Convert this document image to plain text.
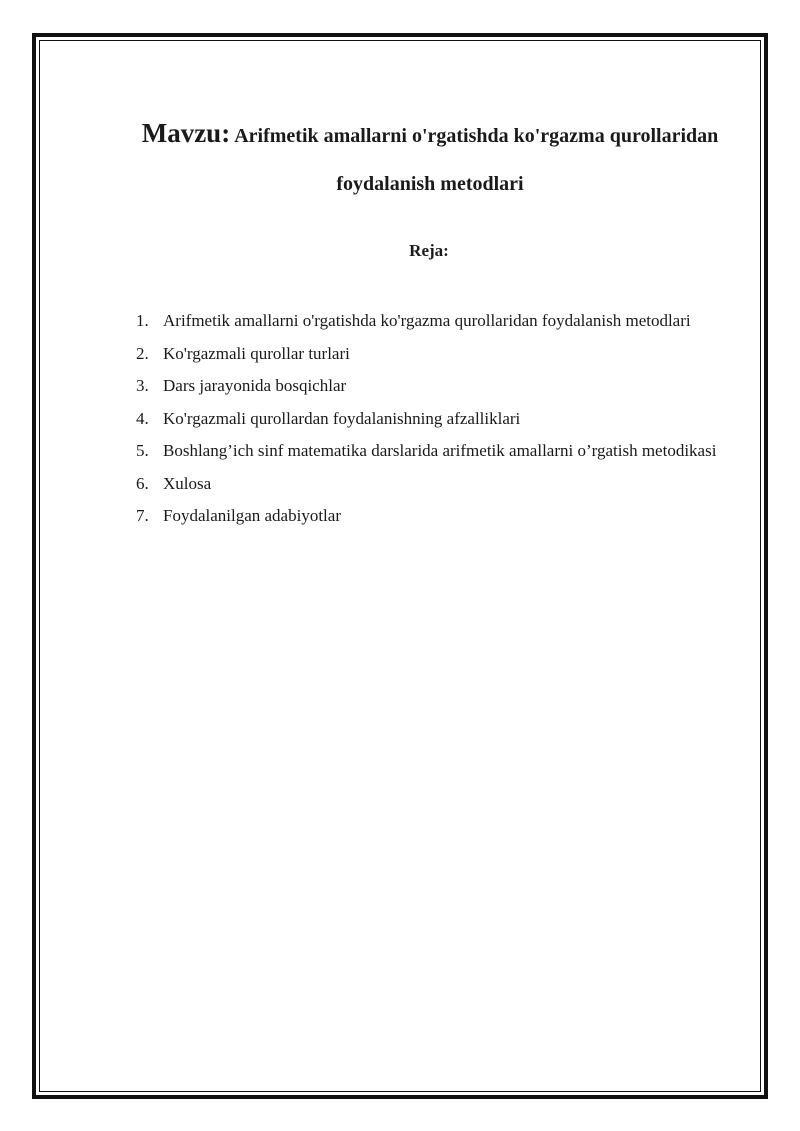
Mavzu: Arifmetik amallarni o'rgatishda ko'rgazma qurollaridan
foydalanish metodlari
Reja:
1. Arifmetik amallarni o'rgatishda ko'rgazma qurollaridan foydalanish metodlari
2. Ko'rgazmali qurollar turlari
3. Dars jarayonida bosqichlar
4. Ko'rgazmali qurollardan foydalanishning afzalliklari
5. Boshlang’ich sinf matematika darslarida arifmetik amallarni o’rgatish metodikasi
6. Xulosa
7. Foydalanilgan adabiyotlar
